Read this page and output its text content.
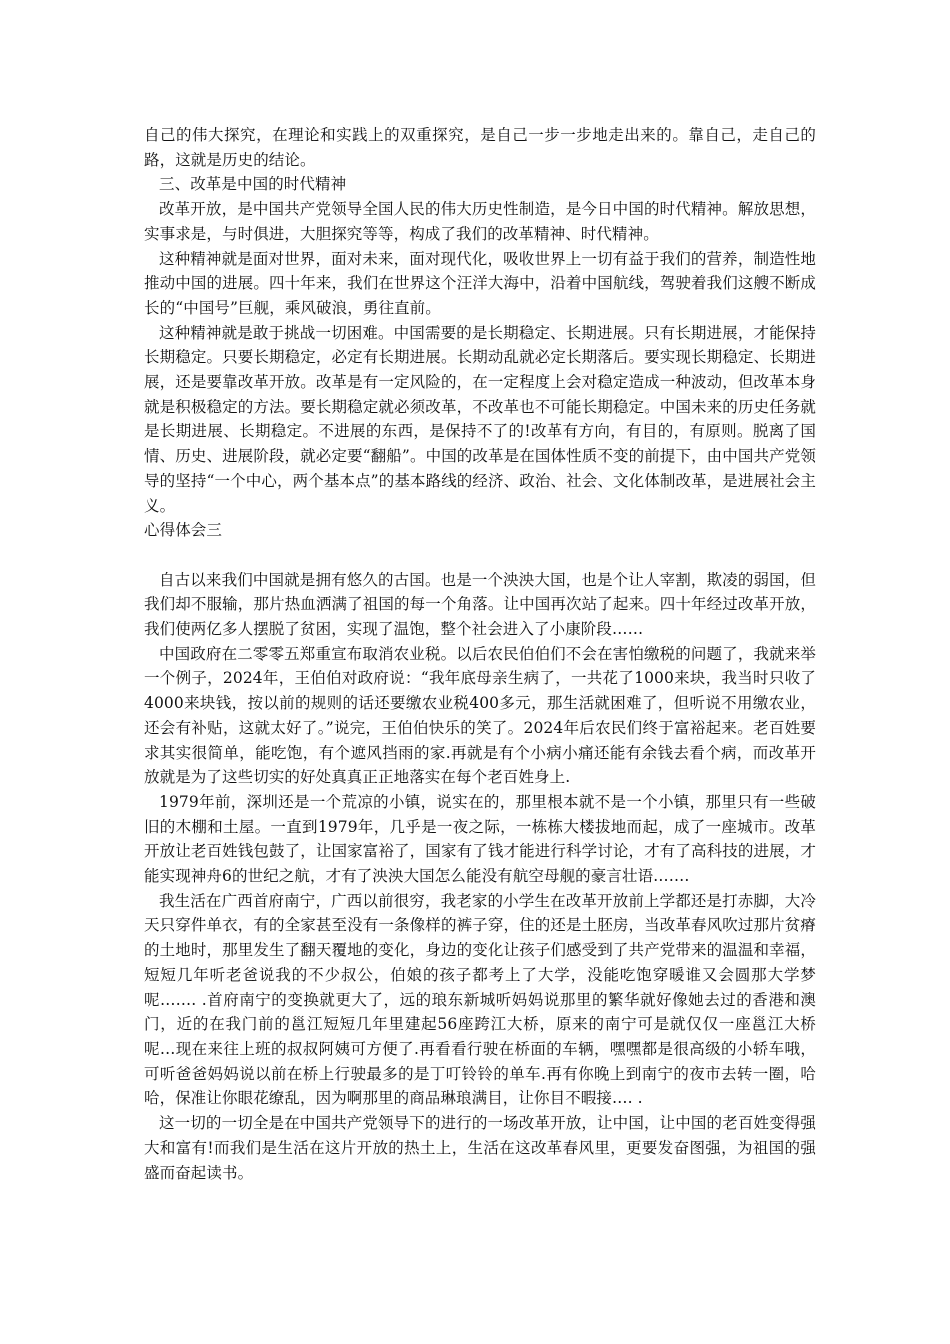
自己的伟大探究，在理论和实践上的双重探究，是自己一步一步地走出来的。靠自己，走自己的路，这就是历史的结论。

三、改革是中国的时代精神

改革开放，是中国共产党领导全国人民的伟大历史性制造，是今日中国的时代精神。解放思想，实事求是，与时俱进，大胆探究等等，构成了我们的改革精神、时代精神。

这种精神就是面对世界，面对未来，面对现代化，吸收世界上一切有益于我们的营养，制造性地推动中国的进展。四十年来，我们在世界这个汪洋大海中，沿着中国航线，驾驶着我们这艘不断成长的“中国号”巨舰，乘风破浪，勇往直前。

这种精神就是敢于挑战一切困难。中国需要的是长期稳定、长期进展。只有长期进展，才能保持长期稳定。只要长期稳定，必定有长期进展。长期动乱就必定长期落后。要实现长期稳定、长期进展，还是要靠改革开放。改革是有一定风险的，在一定程度上会对稳定造成一种波动，但改革本身就是积极稳定的方法。要长期稳定就必须改革，不改革也不可能长期稳定。中国未来的历史任务就是长期进展、长期稳定。不进展的东西，是保持不了的!改革有方向，有目的，有原则。脱离了国情、历史、进展阶段，就必定要“翻船”。中国的改革是在国体性质不变的前提下，由中国共产党领导的坚持“一个中心，两个基本点”的基本路线的经济、政治、社会、文化体制改革，是进展社会主义。

心得体会三

自古以来我们中国就是拥有悠久的古国。也是一个泱泱大国，也是个让人宰割，欺凌的弱国，但我们却不服输，那片热血洒满了祖国的每一个角落。让中国再次站了起来。四十年经过改革开放，我们使两亿多人摆脱了贫困，实现了温饱，整个社会进入了小康阶段……

中国政府在二零零五郑重宣布取消农业税。以后农民伯伯们不会在害怕缴税的问题了，我就来举一个例子，2024年，王伯伯对政府说：“我年底母亲生病了，一共花了1000来块，我当时只收了4000来块钱，按以前的规则的话还要缴农业税400多元，那生活就困难了，但听说不用缴农业，还会有补贴，这就太好了。”说完，王伯伯快乐的笑了。2024年后农民们终于富裕起来。老百姓要求其实很简单，能吃饱，有个遮风挡雨的家.再就是有个小病小痛还能有余钱去看个病，而改革开放就是为了这些切实的好处真真正正地落实在每个老百姓身上.

1979年前，深圳还是一个荒凉的小镇，说实在的，那里根本就不是一个小镇，那里只有一些破旧的木棚和土屋。一直到1979年，几乎是一夜之际，一栋栋大楼拔地而起，成了一座城市。改革开放让老百姓钱包鼓了，让国家富裕了，国家有了钱才能进行科学讨论，才有了高科技的进展，才能实现神舟6的世纪之航，才有了泱泱大国怎么能没有航空母舰的豪言壮语…….

我生活在广西首府南宁，广西以前很穷，我老家的小学生在改革开放前上学都还是打赤脚，大冷天只穿件单衣，有的全家甚至没有一条像样的裤子穿，住的还是土胚房，当改革春风吹过那片贫瘠的土地时，那里发生了翻天覆地的变化，身边的变化让孩子们感受到了共产党带来的温温和幸福，短短几年听老爸说我的不少叔公，伯娘的孩子都考上了大学，没能吃饱穿暖谁又会圆那大学梦呢……. .首府南宁的变换就更大了，远的琅东新城听妈妈说那里的繁华就好像她去过的香港和澳门，近的在我门前的邕江短短几年里建起56座跨江大桥，原来的南宁可是就仅仅一座邕江大桥呢…现在来往上班的叔叔阿姨可方便了.再看看行驶在桥面的车辆，嘿嘿都是很高级的小轿车哦，可听爸爸妈妈说以前在桥上行驶最多的是丁叮铃铃的单车.再有你晚上到南宁的夜市去转一圈，哈哈，保准让你眼花缭乱，因为啊那里的商品琳琅满目，让你目不暇接…. .

这一切的一切全是在中国共产党领导下的进行的一场改革开放，让中国，让中国的老百姓变得强大和富有!而我们是生活在这片开放的热土上，生活在这改革春风里，更要发奋图强，为祖国的强盛而奋起读书。
